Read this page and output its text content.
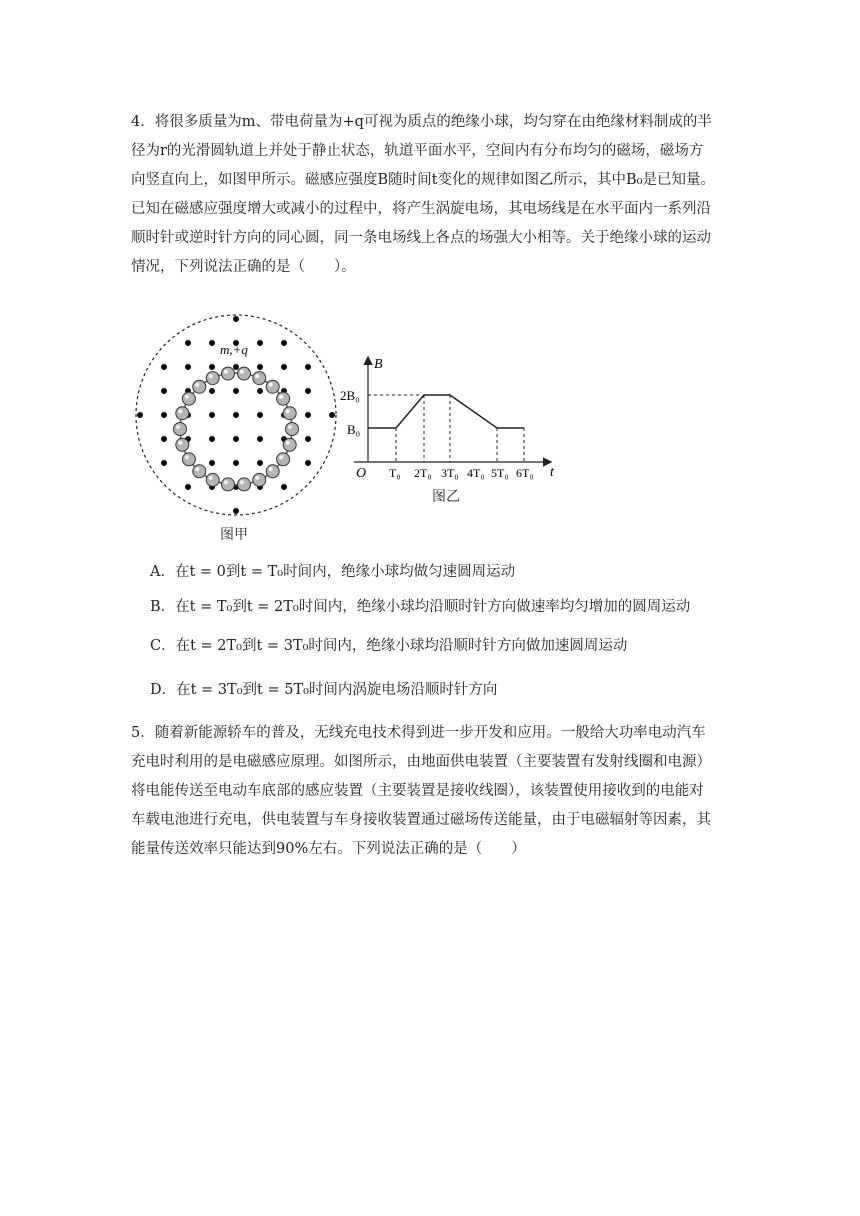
4．将很多质量为m、带电荷量为+q可视为质点的绝缘小球，均匀穿在由绝缘材料制成的半
径为r的光滑圆轨道上并处于静止状态，轨道平面水平，空间内有分布均匀的磁场，磁场方
向竖直向上，如图甲所示。磁感应强度B随时间t变化的规律如图乙所示，其中B₀是已知量。
已知在磁感应强度增大或减小的过程中，将产生涡旋电场，其电场线是在水平面内一系列沿
顺时针或逆时针方向的同心圆，同一条电场线上各点的场强大小相等。关于绝缘小球的运动
情况，下列说法正确的是（　　）。
m,+q
图甲
B
t
O
2B₀
B₀
T₀ 2T₀ 3T₀ 4T₀ 5T₀ 6T₀
图乙
A．在t = 0到t = T₀时间内，绝缘小球均做匀速圆周运动
B．在t = T₀到t = 2T₀时间内，绝缘小球均沿顺时针方向做速率均匀增加的圆周运动
C．在t = 2T₀到t = 3T₀时间内，绝缘小球均沿顺时针方向做加速圆周运动
D．在t = 3T₀到t = 5T₀时间内涡旋电场沿顺时针方向
5．随着新能源轿车的普及，无线充电技术得到进一步开发和应用。一般给大功率电动汽车
充电时利用的是电磁感应原理。如图所示，由地面供电装置（主要装置有发射线圈和电源）
将电能传送至电动车底部的感应装置（主要装置是接收线圈），该装置使用接收到的电能对
车载电池进行充电，供电装置与车身接收装置通过磁场传送能量，由于电磁辐射等因素，其
能量传送效率只能达到90%左右。下列说法正确的是（　　）
